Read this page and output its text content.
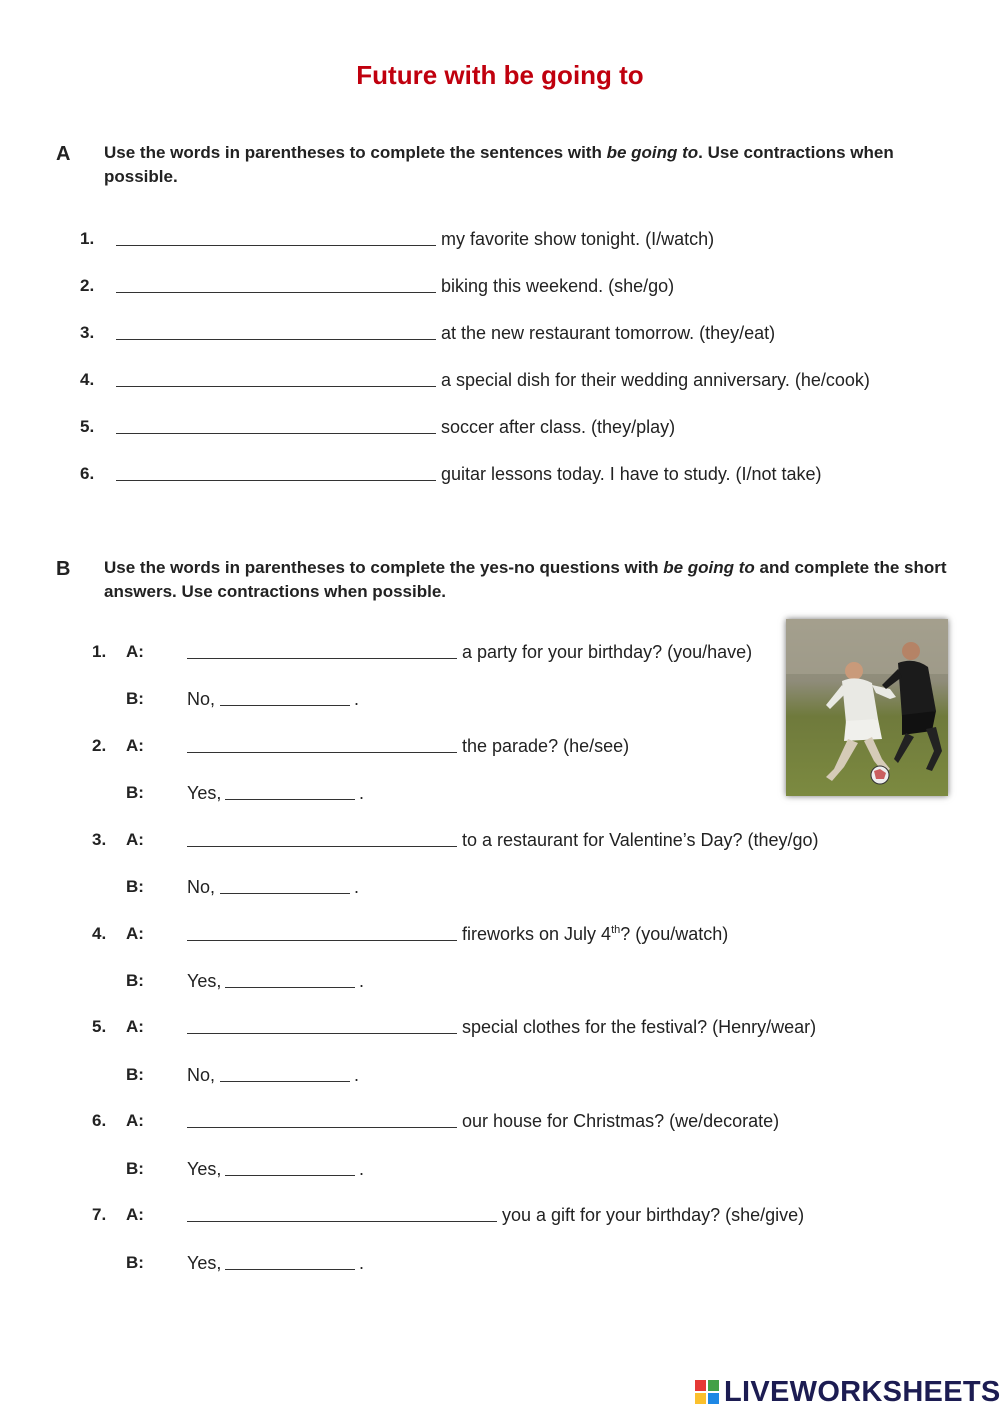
Future with be going to
A Use the words in parentheses to complete the sentences with be going to. Use contractions when possible.
1.	my favorite show tonight. (I/watch)
2.	biking this weekend. (she/go)
3.	at the new restaurant tomorrow. (they/eat)
4.	a special dish for their wedding anniversary. (he/cook)
5.	soccer after class. (they/play)
6.	guitar lessons today. I have to study. (I/not take)
B Use the words in parentheses to complete the yes-no questions with be going to and complete the short answers. Use contractions when possible.
1. A:	a party for your birthday? (you/have)
B: No,	.
2. A:	the parade? (he/see)
B: Yes,	.
3. A:	to a restaurant for Valentine’s Day? (they/go)
B: No,	.
4. A:	fireworks on July 4th? (you/watch)
B: Yes,	.
5. A:	special clothes for the festival? (Henry/wear)
B: No,	.
6. A:	our house for Christmas? (we/decorate)
B: Yes,	.
7. A:	you a gift for your birthday? (she/give)
B: Yes,	.
LIVEWORKSHEETS
